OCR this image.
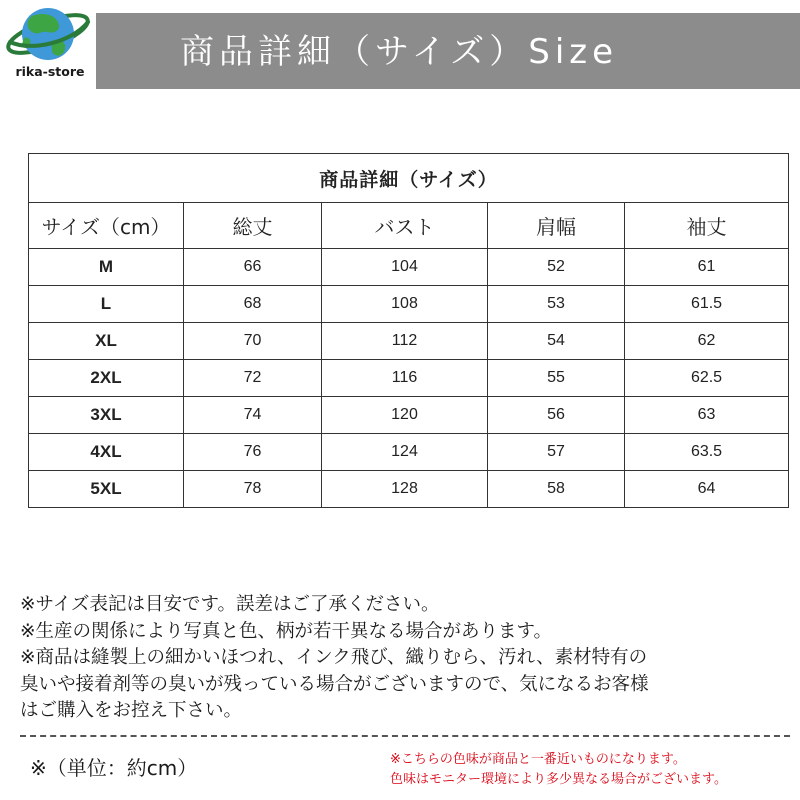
商品詳細（サイズ）Size
rika-store
商品詳細（サイズ）				
サイズ（cm）	総丈	バスト	肩幅	袖丈
M	66	104	52	61
L	68	108	53	61.5
XL	70	112	54	62
2XL	72	116	55	62.5
3XL	74	120	56	63
4XL	76	124	57	63.5
5XL	78	128	58	64
※サイズ表記は目安です。誤差はご了承ください。
※生産の関係により写真と色、柄が若干異なる場合があります。
※商品は縫製上の細かいほつれ、インク飛び、織りむら、汚れ、素材特有の
臭いや接着剤等の臭いが残っている場合がございますので、気になるお客様
はご購入をお控え下さい。
※（単位：約cm）	※こちらの色味が商品と一番近いものになります。
色味はモニター環境により多少異なる場合がございます。
